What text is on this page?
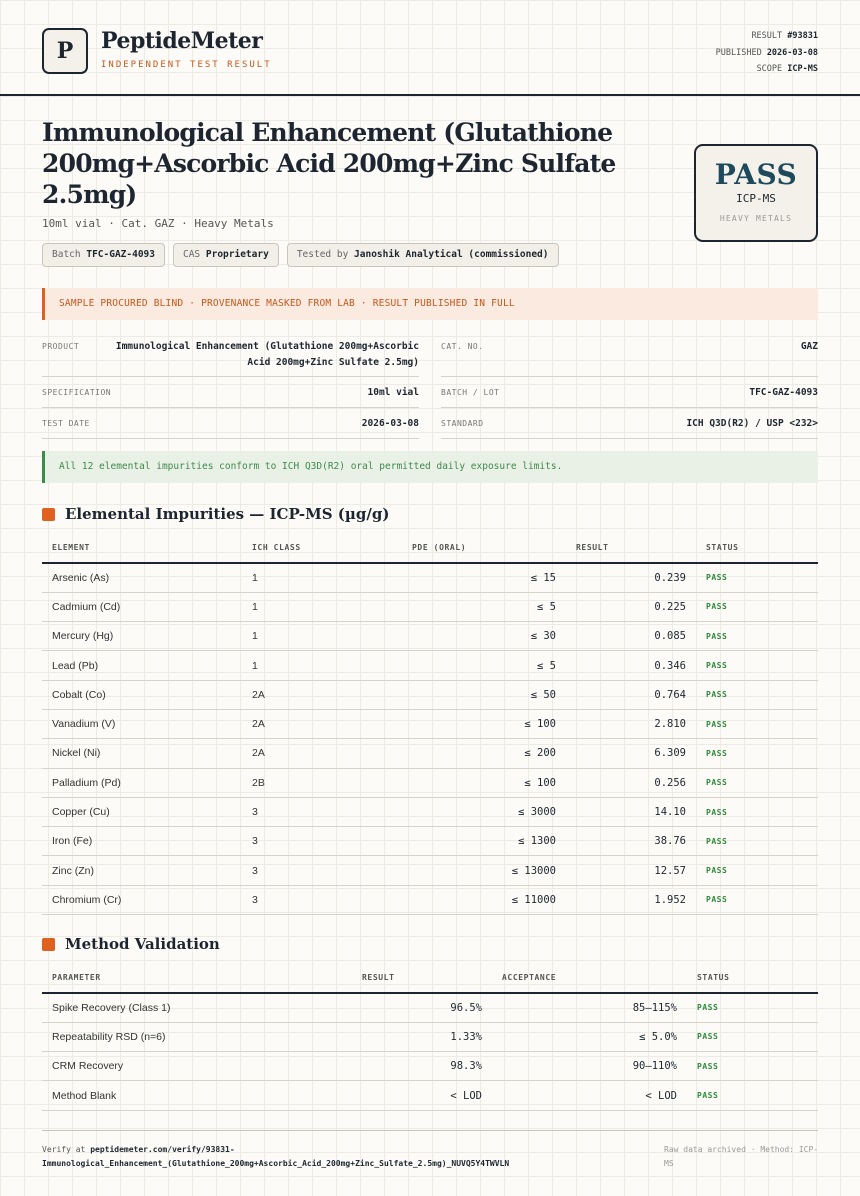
P	PeptideMeter
INDEPENDENT TEST RESULT
RESULT #93831
PUBLISHED 2026-03-08
SCOPE ICP-MS
Immunological Enhancement (Glutathione 200mg+Ascorbic Acid 200mg+Zinc Sulfate 2.5mg)
10ml vial · Cat. GAZ · Heavy Metals
PASS
ICP-MS
HEAVY METALS
Batch TFC-GAZ-4093	CAS Proprietary	Tested by Janoshik Analytical (commissioned)
SAMPLE PROCURED BLIND · PROVENANCE MASKED FROM LAB · RESULT PUBLISHED IN FULL
PRODUCT	Immunological Enhancement (Glutathione 200mg+Ascorbic Acid 200mg+Zinc Sulfate 2.5mg)
CAT. NO.	GAZ
SPECIFICATION	10ml vial	BATCH / LOT	TFC-GAZ-4093
TEST DATE	2026-03-08	STANDARD	ICH Q3D(R2) / USP <232>
All 12 elemental impurities conform to ICH Q3D(R2) oral permitted daily exposure limits.
Elemental Impurities — ICP-MS (µg/g)
ELEMENT	ICH CLASS	PDE (ORAL)	RESULT	STATUS
Arsenic (As)	1	≤ 15	0.239	PASS
Cadmium (Cd)	1	≤ 5	0.225	PASS
Mercury (Hg)	1	≤ 30	0.085	PASS
Lead (Pb)	1	≤ 5	0.346	PASS
Cobalt (Co)	2A	≤ 50	0.764	PASS
Vanadium (V)	2A	≤ 100	2.810	PASS
Nickel (Ni)	2A	≤ 200	6.309	PASS
Palladium (Pd)	2B	≤ 100	0.256	PASS
Copper (Cu)	3	≤ 3000	14.10	PASS
Iron (Fe)	3	≤ 1300	38.76	PASS
Zinc (Zn)	3	≤ 13000	12.57	PASS
Chromium (Cr)	3	≤ 11000	1.952	PASS
Method Validation
PARAMETER	RESULT	ACCEPTANCE	STATUS
Spike Recovery (Class 1)	96.5%	85–115%	PASS
Repeatability RSD (n=6)	1.33%	≤ 5.0%	PASS
CRM Recovery	98.3%	90–110%	PASS
Method Blank	< LOD	< LOD	PASS
Verify at peptidemeter.com/verify/93831-
Immunological_Enhancement_(Glutathione_200mg+Ascorbic_Acid_200mg+Zinc_Sulfate_2.5mg)_NUVQ5Y4TWVLN
Raw data archived · Method: ICP-MS
